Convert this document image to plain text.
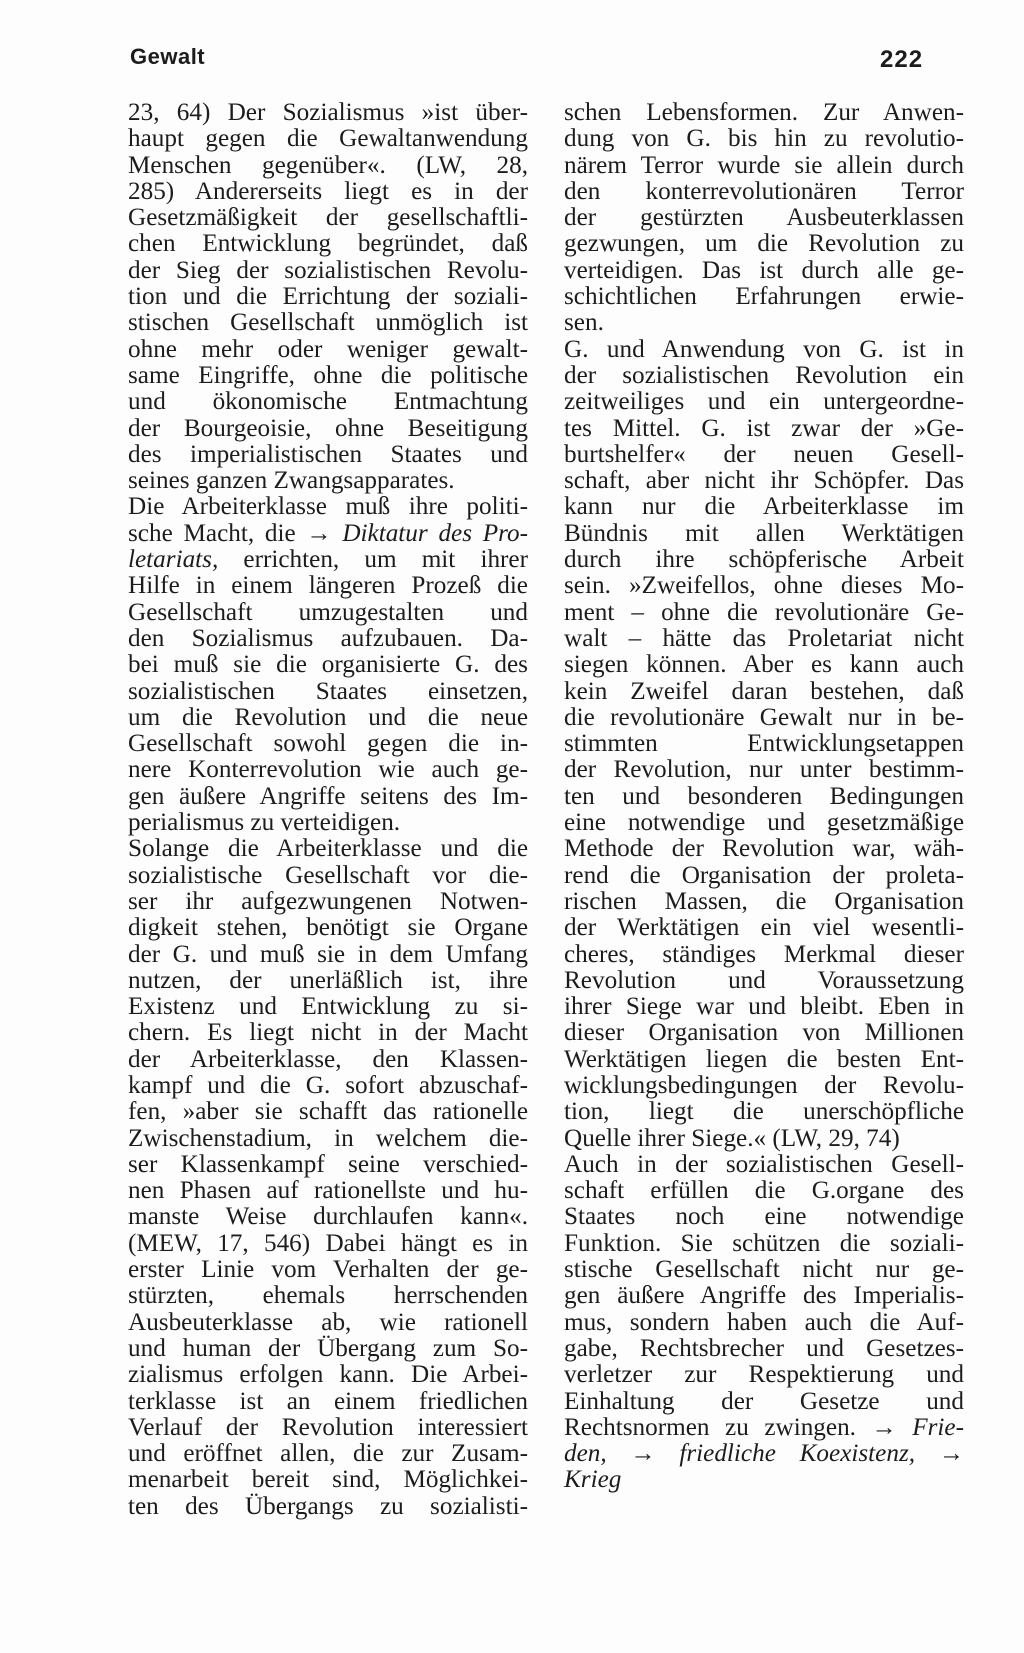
Gewalt	222
23, 64) Der Sozialismus »ist über-
haupt gegen die Gewaltanwendung
Menschen gegenüber«. (LW, 28,
285) Andererseits liegt es in der
Gesetzmäßigkeit der gesellschaftli-
chen Entwicklung begründet, daß
der Sieg der sozialistischen Revolu-
tion und die Errichtung der soziali-
stischen Gesellschaft unmöglich ist
ohne mehr oder weniger gewalt-
same Eingriffe, ohne die politische
und ökonomische Entmachtung
der Bourgeoisie, ohne Beseitigung
des imperialistischen Staates und
seines ganzen Zwangsapparates.
Die Arbeiterklasse muß ihre politi-
sche Macht, die → Diktatur des Pro-
letariats, errichten, um mit ihrer
Hilfe in einem längeren Prozeß die
Gesellschaft umzugestalten und
den Sozialismus aufzubauen. Da-
bei muß sie die organisierte G. des
sozialistischen Staates einsetzen,
um die Revolution und die neue
Gesellschaft sowohl gegen die in-
nere Konterrevolution wie auch ge-
gen äußere Angriffe seitens des Im-
perialismus zu verteidigen.
Solange die Arbeiterklasse und die
sozialistische Gesellschaft vor die-
ser ihr aufgezwungenen Notwen-
digkeit stehen, benötigt sie Organe
der G. und muß sie in dem Umfang
nutzen, der unerläßlich ist, ihre
Existenz und Entwicklung zu si-
chern. Es liegt nicht in der Macht
der Arbeiterklasse, den Klassen-
kampf und die G. sofort abzuschaf-
fen, »aber sie schafft das rationelle
Zwischenstadium, in welchem die-
ser Klassenkampf seine verschied-
nen Phasen auf rationellste und hu-
manste Weise durchlaufen kann«.
(MEW, 17, 546) Dabei hängt es in
erster Linie vom Verhalten der ge-
stürzten, ehemals herrschenden
Ausbeuterklasse ab, wie rationell
und human der Übergang zum So-
zialismus erfolgen kann. Die Arbei-
terklasse ist an einem friedlichen
Verlauf der Revolution interessiert
und eröffnet allen, die zur Zusam-
menarbeit bereit sind, Möglichkei-
ten des Übergangs zu sozialisti-
schen Lebensformen. Zur Anwen-
dung von G. bis hin zu revolutio-
närem Terror wurde sie allein durch
den konterrevolutionären Terror
der gestürzten Ausbeuterklassen
gezwungen, um die Revolution zu
verteidigen. Das ist durch alle ge-
schichtlichen Erfahrungen erwie-
sen.
G. und Anwendung von G. ist in
der sozialistischen Revolution ein
zeitweiliges und ein untergeordne-
tes Mittel. G. ist zwar der »Ge-
burtshelfer« der neuen Gesell-
schaft, aber nicht ihr Schöpfer. Das
kann nur die Arbeiterklasse im
Bündnis mit allen Werktätigen
durch ihre schöpferische Arbeit
sein. »Zweifellos, ohne dieses Mo-
ment – ohne die revolutionäre Ge-
walt – hätte das Proletariat nicht
siegen können. Aber es kann auch
kein Zweifel daran bestehen, daß
die revolutionäre Gewalt nur in be-
stimmten Entwicklungsetappen
der Revolution, nur unter bestimm-
ten und besonderen Bedingungen
eine notwendige und gesetzmäßige
Methode der Revolution war, wäh-
rend die Organisation der proleta-
rischen Massen, die Organisation
der Werktätigen ein viel wesentli-
cheres, ständiges Merkmal dieser
Revolution und Voraussetzung
ihrer Siege war und bleibt. Eben in
dieser Organisation von Millionen
Werktätigen liegen die besten Ent-
wicklungsbedingungen der Revolu-
tion, liegt die unerschöpfliche
Quelle ihrer Siege.« (LW, 29, 74)
Auch in der sozialistischen Gesell-
schaft erfüllen die G.organe des
Staates noch eine notwendige
Funktion. Sie schützen die soziali-
stische Gesellschaft nicht nur ge-
gen äußere Angriffe des Imperialis-
mus, sondern haben auch die Auf-
gabe, Rechtsbrecher und Gesetzes-
verletzer zur Respektierung und
Einhaltung der Gesetze und
Rechtsnormen zu zwingen. → Frie-
den, → friedliche Koexistenz, →
Krieg
